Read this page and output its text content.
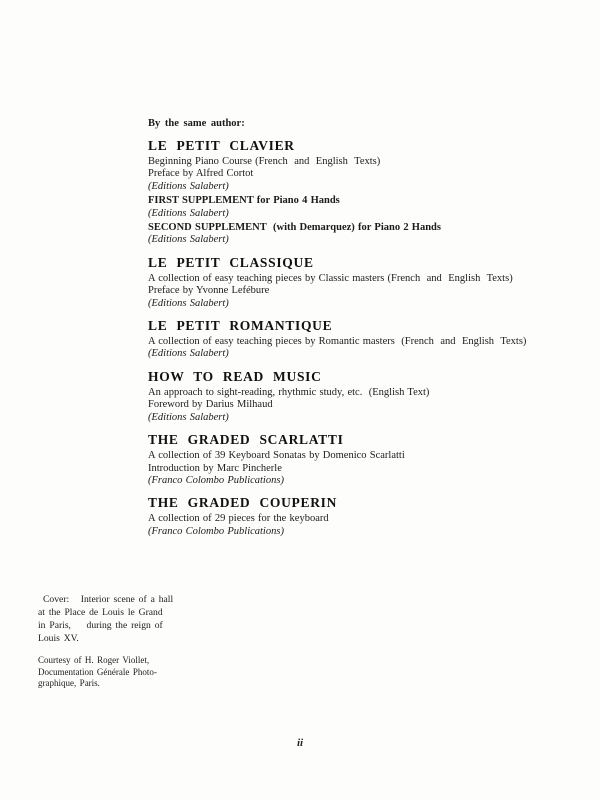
By the same author:
LE PETIT CLAVIER
Beginning Piano Course (French  and  English  Texts)
Preface by Alfred Cortot
(Editions Salabert)
FIRST SUPPLEMENT for Piano 4 Hands
(Editions Salabert)
SECOND SUPPLEMENT  (with Demarquez) for Piano 2 Hands
(Editions Salabert)
LE PETIT CLASSIQUE
A collection of easy teaching pieces by Classic masters (French  and  English  Texts)
Preface by Yvonne Lefébure
(Editions Salabert)
LE PETIT ROMANTIQUE
A collection of easy teaching pieces by Romantic masters  (French  and  English  Texts)
(Editions Salabert)
HOW TO READ MUSIC
An approach to sight-reading, rhythmic study, etc.  (English Text)
Foreword by Darius Milhaud
(Editions Salabert)
THE GRADED SCARLATTI
A collection of 39 Keyboard Sonatas by Domenico Scarlatti
Introduction by Marc Pincherle
(Franco Colombo Publications)
THE GRADED COUPERIN
A collection of 29 pieces for the keyboard
(Franco Colombo Publications)
Cover:   Interior scene of a hall
at the Place de Louis le Grand
in Paris,    during the reign of
Louis XV.
Courtesy of H. Roger Viollet,
Documentation Générale Photo-
graphique, Paris.
ii
